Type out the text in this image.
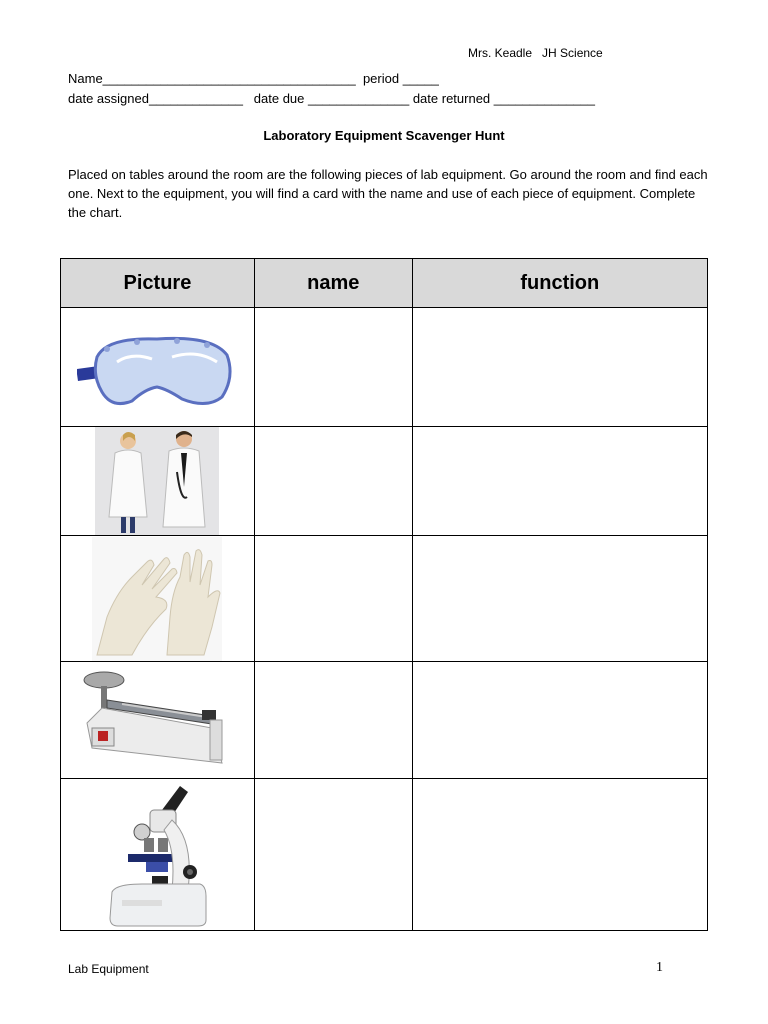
Mrs. Keadle   JH Science
Name___________________________________  period _____
date assigned_____________   date due ______________ date returned ______________
Laboratory Equipment Scavenger Hunt
Placed on tables around the room are the following pieces of lab equipment. Go around the room and find each one. Next to the equipment, you will find a card with the name and use of each piece of equipment. Complete the chart.
Picture	name	function

Lab Equipment	1
